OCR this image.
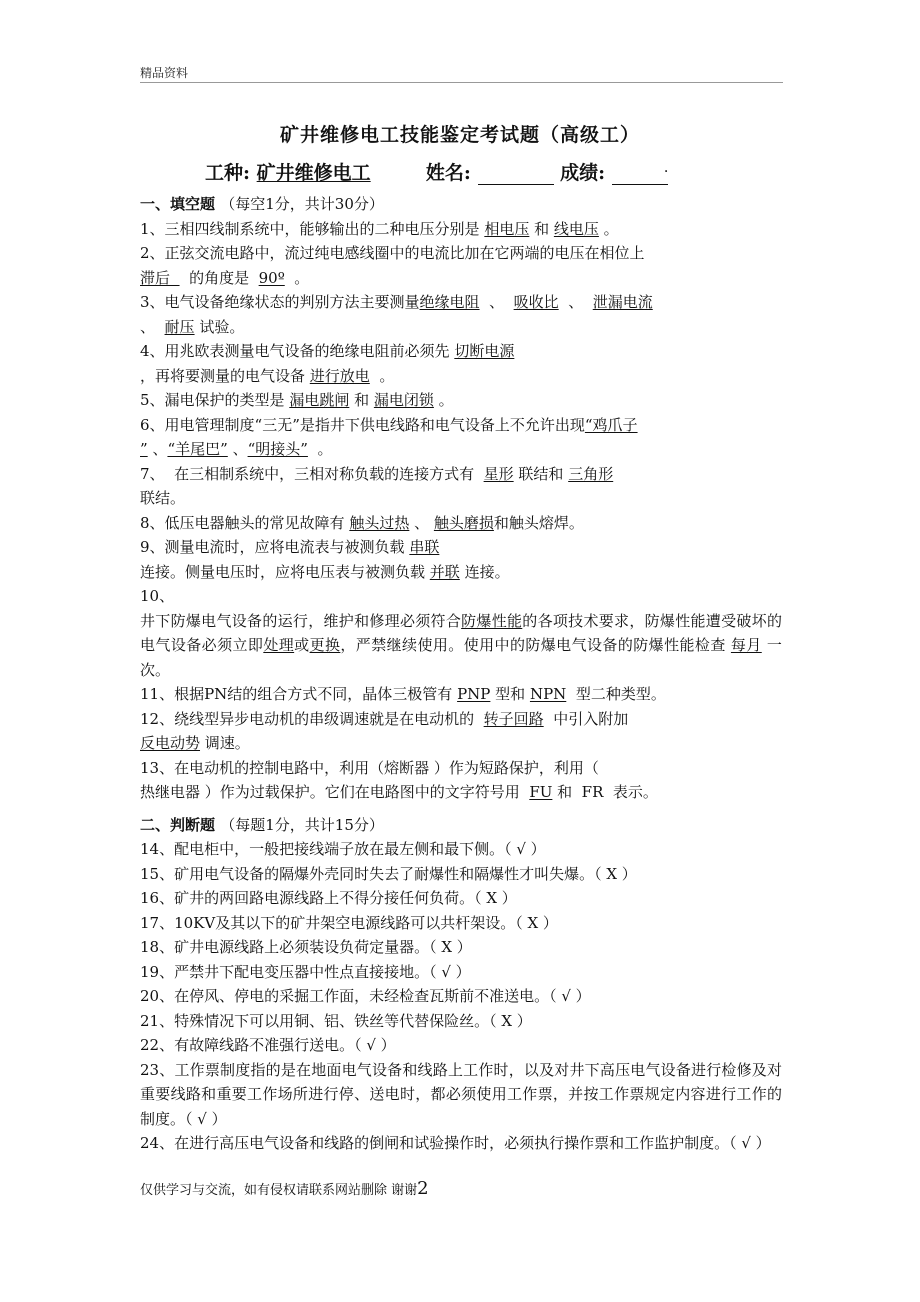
精品资料
矿井维修电工技能鉴定考试题（高级工）
工种: 矿井维修电工	姓名:	成绩:	.
一、填空题 （每空1分，共计30分）
1、三相四线制系统中，能够输出的二种电压分别是 相电压 和 线电压 。
2、正弦交流电路中，流过纯电感线圈中的电流比加在它两端的电压在相位上
滞后    的角度是  90º  。
3、电气设备绝缘状态的判别方法主要测量绝缘电阻  、  吸收比  、  泄漏电流
、  耐压 试验。
4、用兆欧表测量电气设备的绝缘电阻前必须先 切断电源
，再将要测量的电气设备 进行放电  。
5、漏电保护的类型是 漏电跳闸 和 漏电闭锁 。
6、用电管理制度“三无”是指井下供电线路和电气设备上不允许出现“鸡爪子
” 、“羊尾巴” 、“明接头”  。
7、  在三相制系统中，三相对称负载的连接方式有  星形 联结和 三角形
联结。
8、低压电器触头的常见故障有 触头过热 、 触头磨损和触头熔焊。
9、测量电流时，应将电流表与被测负载 串联
连接。侧量电压时，应将电压表与被测负载 并联 连接。
10、
井下防爆电气设备的运行，维护和修理必须符合防爆性能的各项技术要求，防爆性能遭受破坏的电气设备必须立即处理或更换，严禁继续使用。使用中的防爆电气设备的防爆性能检查 每月 一次。
11、根据PN结的组合方式不同，晶体三极管有 PNP 型和 NPN  型二种类型。
12、绕线型异步电动机的串级调速就是在电动机的  转子回路  中引入附加
反电动势 调速。
13、在电动机的控制电路中，利用（熔断器 ）作为短路保护，利用（
热继电器 ）作为过载保护。它们在电路图中的文字符号用  FU 和  FR  表示。
二、判断题 （每题1分，共计15分）
14、配电柜中，一般把接线端子放在最左侧和最下侧。（ √ ）
15、矿用电气设备的隔爆外壳同时失去了耐爆性和隔爆性才叫失爆。（ X ）
16、矿井的两回路电源线路上不得分接任何负荷。（ X ）
17、10KV及其以下的矿井架空电源线路可以共杆架设。（ X ）
18、矿井电源线路上必须装设负荷定量器。（ X ）
19、严禁井下配电变压器中性点直接接地。（ √ ）
20、在停风、停电的采掘工作面，未经检查瓦斯前不准送电。（ √ ）
21、特殊情况下可以用铜、铝、铁丝等代替保险丝。（ X ）
22、有故障线路不准强行送电。（ √ ）
23、工作票制度指的是在地面电气设备和线路上工作时，以及对井下高压电气设备进行检修及对重要线路和重要工作场所进行停、送电时，都必须使用工作票，并按工作票规定内容进行工作的制度。（ √ ）
24、在进行高压电气设备和线路的倒闸和试验操作时，必须执行操作票和工作监护制度。（ √ ）
仅供学习与交流，如有侵权请联系网站删除 谢谢2
